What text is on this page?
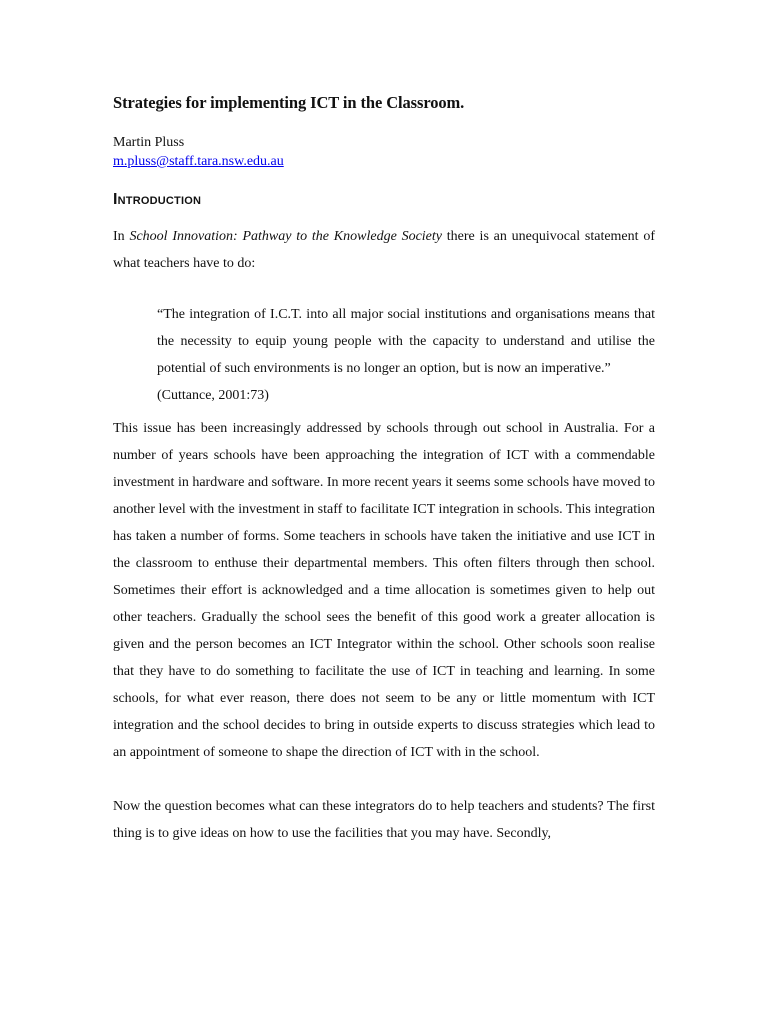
Strategies for implementing ICT in the Classroom.
Martin Pluss
m.pluss@staff.tara.nsw.edu.au
Introduction

In School Innovation: Pathway to the Knowledge Society there is an unequivocal statement of what teachers have to do:

“The integration of I.C.T. into all major social institutions and organisations means that the necessity to equip young people with the capacity to understand and utilise the potential of such environments is no longer an option, but is now an imperative.”

(Cuttance, 2001:73)

This issue has been increasingly addressed by schools through out school in Australia. For a number of years schools have been approaching the integration of ICT with a commendable investment in hardware and software. In more recent years it seems some schools have moved to another level with the investment in staff to facilitate ICT integration in schools. This integration has taken a number of forms. Some teachers in schools have taken the initiative and use ICT in the classroom to enthuse their departmental members. This often filters through then school. Sometimes their effort is acknowledged and a time allocation is sometimes given to help out other teachers. Gradually the school sees the benefit of this good work a greater allocation is given and the person becomes an ICT Integrator within the school. Other schools soon realise that they have to do something to facilitate the use of ICT in teaching and learning. In some schools, for what ever reason, there does not seem to be any or little momentum with ICT integration and the school decides to bring in outside experts to discuss strategies which lead to an appointment of someone to shape the direction of ICT with in the school.

Now the question becomes what can these integrators do to help teachers and students? The first thing is to give ideas on how to use the facilities that you may have. Secondly,
